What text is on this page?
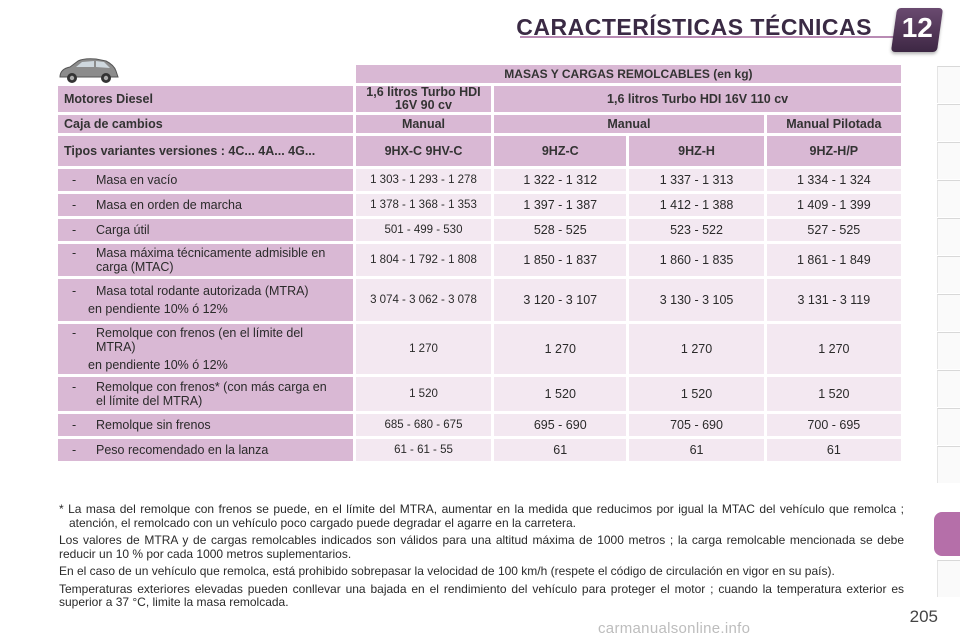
CARACTERÍSTICAS TÉCNICAS 12
	MASAS Y CARGAS REMOLCABLES (en kg)			
Motores Diesel	1,6 litros Turbo HDI 16V 90 cv	1,6 litros Turbo HDI 16V 110 cv		
Caja de cambios	Manual	Manual		Manual Pilotada
Tipos variantes versiones : 4C... 4A... 4G...	9HX-C 9HV-C	9HZ-C	9HZ-H	9HZ-H/P

- Masa en vacío	1 303 - 1 293 - 1 278	1 322 - 1 312	1 337 - 1 313	1 334 - 1 324

- Masa en orden de marcha	1 378 - 1 368 - 1 353	1 397 - 1 387	1 412 - 1 388	1 409 - 1 399

- Carga útil	501 - 499 - 530	528 - 525	523 - 522	527 - 525

- Masa máxima técnicamente admisible en carga (MTAC)	1 804 - 1 792 - 1 808	1 850 - 1 837	1 860 - 1 835	1 861 - 1 849

- Masa total rodante autorizada (MTRA)
en pendiente 10% ó 12%	3 074 - 3 062 - 3 078	3 120 - 3 107	3 130 - 3 105	3 131 - 3 119

- Remolque con frenos (en el límite del MTRA)
en pendiente 10% ó 12%	1 270	1 270	1 270	1 270

- Remolque con frenos* (con más carga en el límite del MTRA)	1 520	1 520	1 520	1 520

- Remolque sin frenos	685 - 680 - 675	695 - 690	705 - 690	700 - 695

- Peso recomendado en la lanza	61 - 61 - 55	61	61	61

* La masa del remolque con frenos se puede, en el límite del MTRA, aumentar en la medida que reducimos por igual la MTAC del vehículo que remolca ; atención, el remolcado con un vehículo poco cargado puede degradar el agarre en la carretera.

Los valores de MTRA y de cargas remolcables indicados son válidos para una altitud máxima de 1000 metros ; la carga remolcable mencionada se debe reducir un 10 % por cada 1000 metros suplementarios.

En el caso de un vehículo que remolca, está prohibido sobrepasar la velocidad de 100 km/h (respete el código de circulación en vigor en su país).

Temperaturas exteriores elevadas pueden conllevar una bajada en el rendimiento del vehículo para proteger el motor ; cuando la temperatura exterior es superior a 37 °C, limite la masa remolcada.

205
carmanualsonline.info
